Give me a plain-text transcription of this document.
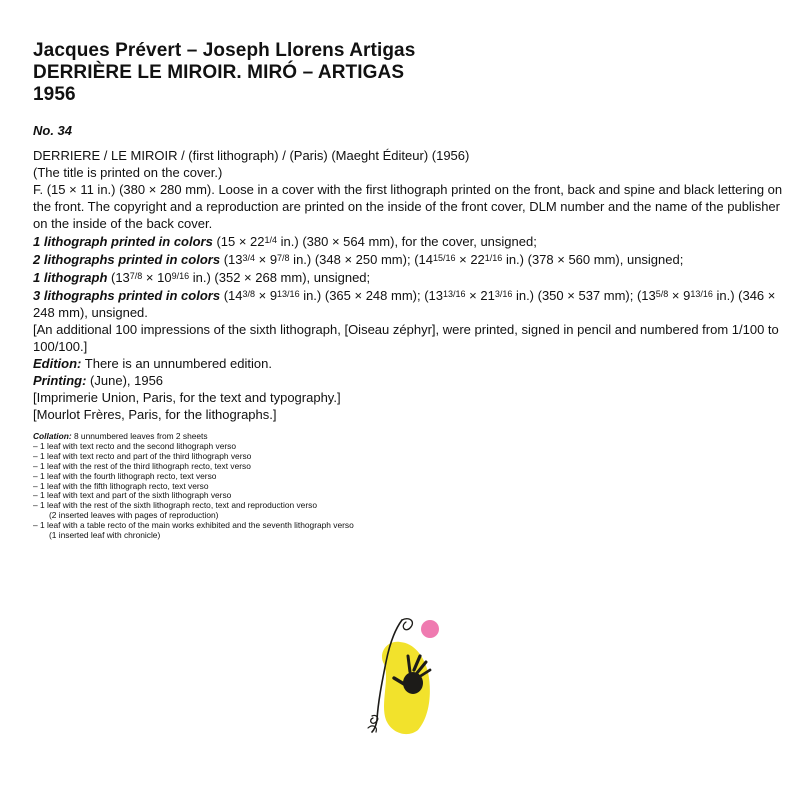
Jacques Prévert – Joseph Llorens Artigas
DERRIÈRE LE MIROIR. MIRÓ – ARTIGAS
1956
No. 34

DERRIERE / LE MIROIR / (first lithograph) / (Paris) (Maeght Éditeur) (1956)

(The title is printed on the cover.)

F. (15 × 11 in.) (380 × 280 mm). Loose in a cover with the first lithograph printed on the front, back and spine and black lettering on the front. The copyright and a reproduction are printed on the inside of the front cover, DLM number and the name of the publisher on the inside of the back cover.

1 lithograph printed in colors ($15 \times 22^{1/4}$ in.) (380 × 564 mm), for the cover, unsigned;

2 lithographs printed in colors ($13^{3/4} \times 9^{7/8}$ in.) (348 × 250 mm); ($14^{15/16} \times 22^{1/16}$ in.) (378 × 560 mm), unsigned;

1 lithograph ($13^{7/8} \times 10^{9/16}$ in.) (352 × 268 mm), unsigned;

3 lithographs printed in colors ($14^{3/8} \times 9^{13/16}$ in.) (365 × 248 mm); ($13^{13/16} \times 21^{3/16}$ in.) (350 × 537 mm); ($13^{5/8} \times 9^{13/16}$ in.) (346 × 248 mm), unsigned.

[An additional 100 impressions of the sixth lithograph, [Oiseau zéphyr], were printed, signed in pencil and numbered from 1/100 to 100/100.]

Edition: There is an unnumbered edition.

Printing: (June), 1956

[Imprimerie Union, Paris, for the text and typography.]

[Mourlot Frères, Paris, for the lithographs.]

Collation: 8 unnumbered leaves from 2 sheets
– 1 leaf with text recto and the second lithograph verso
– 1 leaf with text recto and part of the third lithograph verso
– 1 leaf with the rest of the third lithograph recto, text verso
– 1 leaf with the fourth lithograph recto, text verso
– 1 leaf with the fifth lithograph recto, text verso
– 1 leaf with text and part of the sixth lithograph verso
– 1 leaf with the rest of the sixth lithograph recto, text and reproduction verso
(2 inserted leaves with pages of reproduction)
– 1 leaf with a table recto of the main works exhibited and the seventh lithograph verso
(1 inserted leaf with chronicle)
